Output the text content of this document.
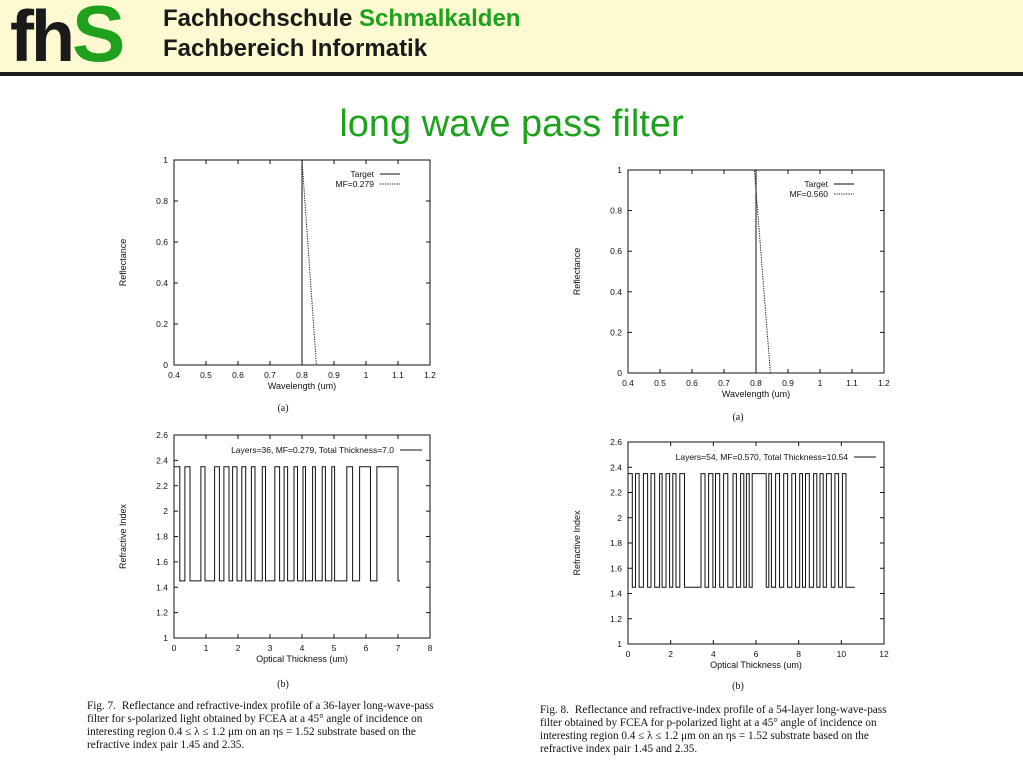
fhS Fachhochschule Schmalkalden
Fachbereich Informatik
long wave pass filter
0.4 0.5 0.6 0.7 0.8 0.9	1	1.1 1.2
0
0.2
0.4
0.6
0.8
1
Wavelength (um)
Reflectance
(a)
Target
MF=0.279
0	1	2	3	4	5	6	7	8
1
1.2
1.4
1.6
1.8
2
2.2
2.4
2.6
Optical Thickness (um)
Refractive Index
(b)
Layers=36, MF=0.279, Total Thickness=7.0
0.4 0.5 0.6 0.7 0.8 0.9	1	1.1 1.2
0
0.2
0.4
0.6
0.8
1
Wavelength (um)
Reflectance
(a)
Target
MF=0.560
0	2	4	6	8	10	12
1
1.2
1.4
1.6
1.8
2
2.2
2.4
2.6
Optical Thickness (um)
Refractive Index
(b)
Layers=54, MF=0.570, Total Thickness=10.54
Fig. 7. Reflectance and refractive-index profile of a 36-layer long-wave-pass
filter for s-polarized light obtained by FCEA at a 45° angle of incidence on
interesting region 0.4 ≤ λ ≤ 1.2 μm on an ηs = 1.52 substrate based on the
refractive index pair 1.45 and 2.35.
Fig. 8. Reflectance and refractive-index profile of a 54-layer long-wave-pass
filter obtained by FCEA for p-polarized light at a 45° angle of incidence on
interesting region 0.4 ≤ λ ≤ 1.2 μm on an ηs = 1.52 substrate based on the
refractive index pair 1.45 and 2.35.
